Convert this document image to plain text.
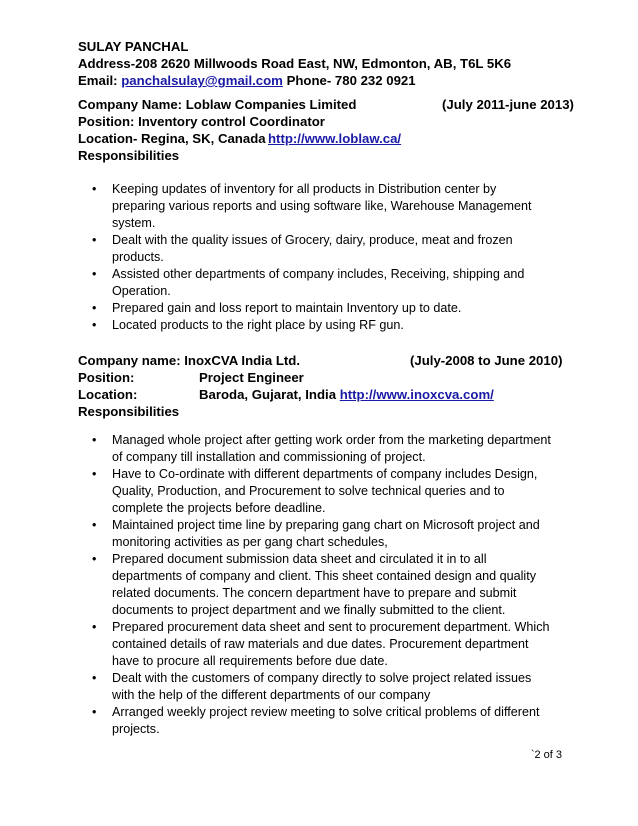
SULAY PANCHAL
Address-208 2620 Millwoods Road East, NW, Edmonton, AB, T6L 5K6
Email: panchalsulay@gmail.com Phone- 780 232 0921
Company Name: Loblaw Companies Limited	(July 2011-june 2013)
Position: Inventory control Coordinator
Location- Regina, SK, Canada http://www.loblaw.ca/
Responsibilities
• Keeping updates of inventory for all products in Distribution center by preparing various reports and using software like, Warehouse Management system.
• Dealt with the quality issues of Grocery, dairy, produce, meat and frozen products.
• Assisted other departments of company includes, Receiving, shipping and Operation.
• Prepared gain and loss report to maintain Inventory up to date.
• Located products to the right place by using RF gun.
Company name: InoxCVA India Ltd.	(July-2008 to June 2010)
Position:	Project Engineer
Location:	Baroda, Gujarat, India http://www.inoxcva.com/
Responsibilities
• Managed whole project after getting work order from the marketing department of company till installation and commissioning of project.
• Have to Co-ordinate with different departments of company includes Design, Quality, Production, and Procurement to solve technical queries and to complete the projects before deadline.
• Maintained project time line by preparing gang chart on Microsoft project and monitoring activities as per gang chart schedules,
• Prepared document submission data sheet and circulated it in to all departments of company and client. This sheet contained design and quality related documents. The concern department have to prepare and submit documents to project department and we finally submitted to the client.
• Prepared procurement data sheet and sent to procurement department. Which contained details of raw materials and due dates. Procurement department have to procure all requirements before due date.
• Dealt with the customers of company directly to solve project related issues with the help of the different departments of our company
• Arranged weekly project review meeting to solve critical problems of different projects.
`2 of 3
